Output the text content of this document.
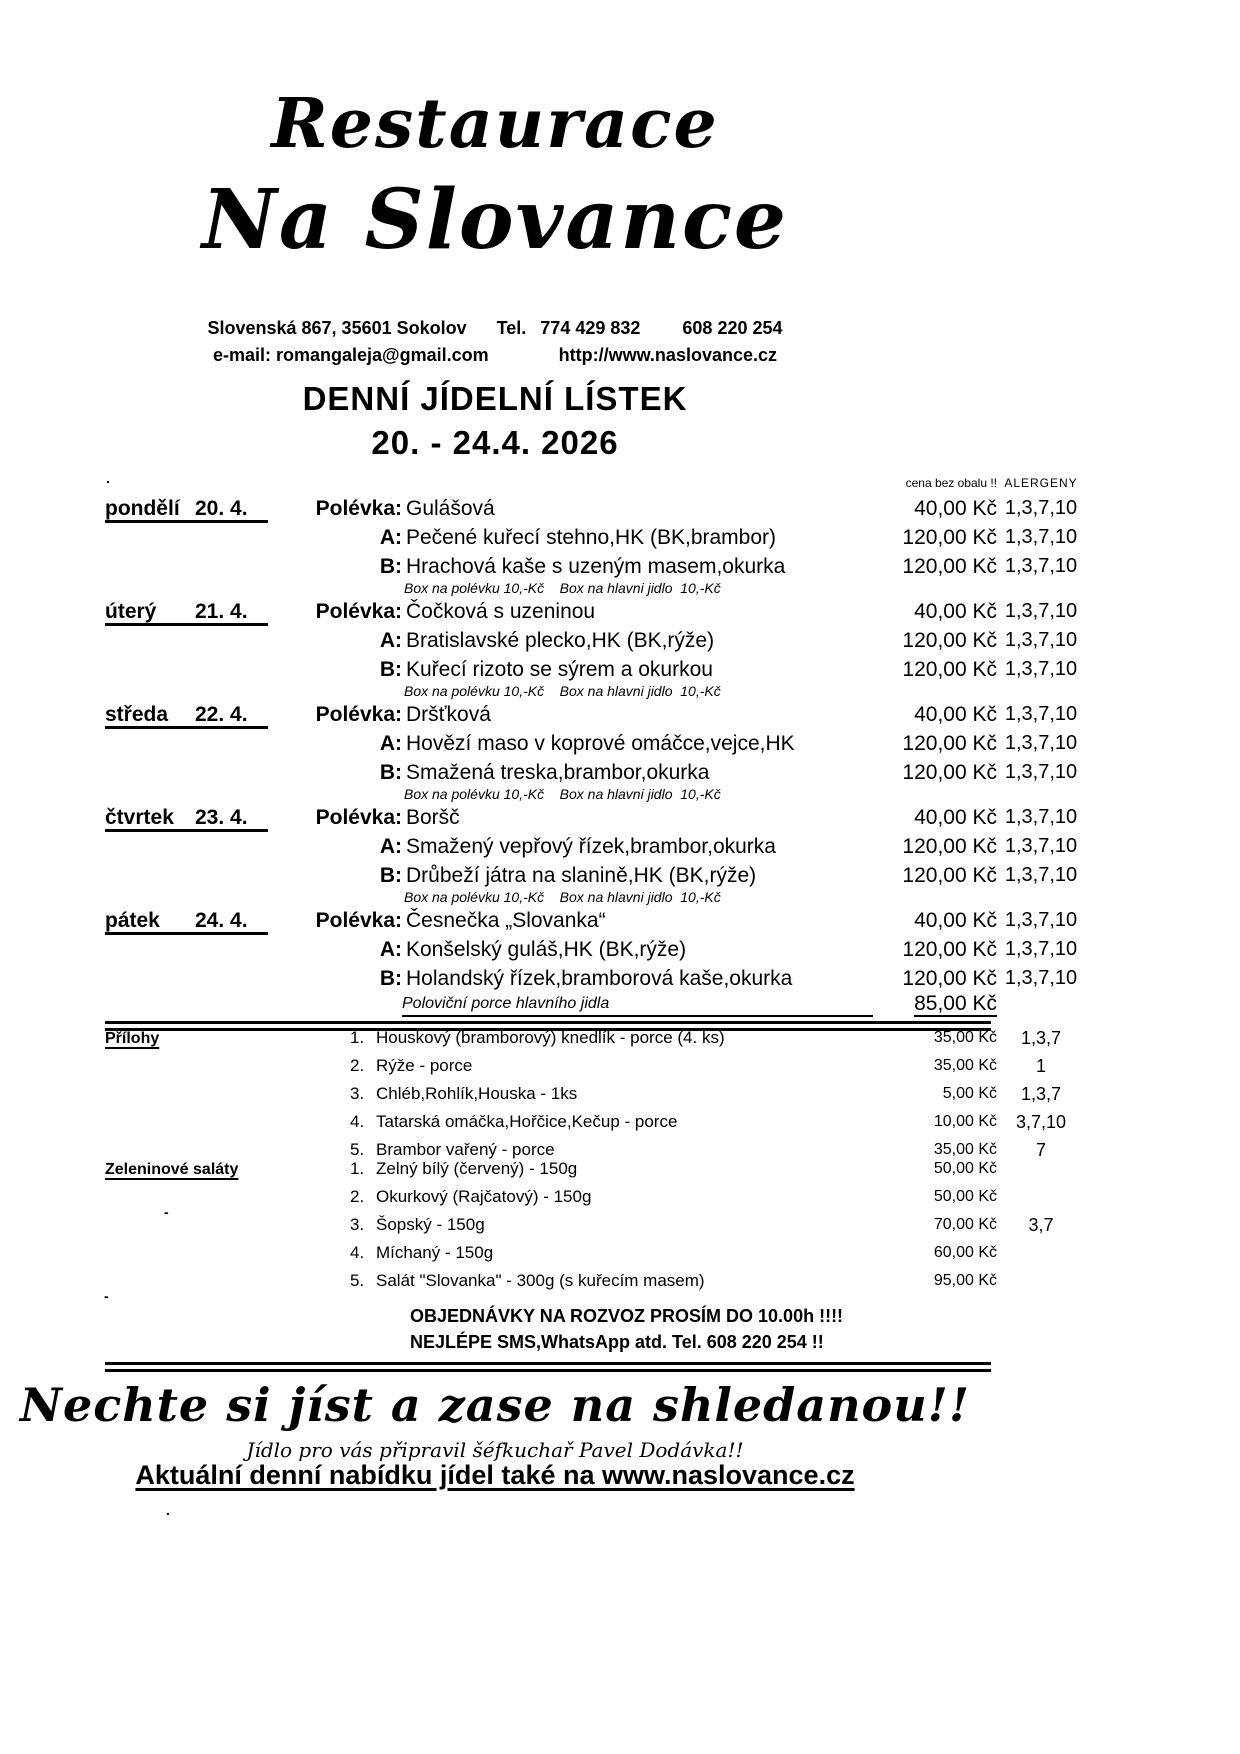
Restaurace
Na Slovance
Slovenská 867, 35601 Sokolov Tel. 774 429 832 608 220 254
e-mail: romangaleja@gmail.com	http://www.naslovance.cz
DENNÍ JÍDELNÍ LÍSTEK
20. - 24.4. 2026
.	cena bez obalu !! ALERGENY
pondělí 20. 4.	Polévka: Gulášová	40,00 Kč 1,3,7,10
A: Pečené kuřecí stehno,HK (BK,brambor)	120,00 Kč 1,3,7,10
B: Hrachová kaše s uzeným masem,okurka	120,00 Kč 1,3,7,10
Box na polévku 10,-Kč    Box na hlavni jidlo  10,-Kč
úterý	21. 4.	Polévka: Čočková s uzeninou	40,00 Kč 1,3,7,10
A: Bratislavské plecko,HK (BK,rýže)	120,00 Kč 1,3,7,10
B: Kuřecí rizoto se sýrem a okurkou	120,00 Kč 1,3,7,10
Box na polévku 10,-Kč    Box na hlavni jidlo  10,-Kč
středa	22. 4.	Polévka: Dršťková	40,00 Kč 1,3,7,10
A: Hovězí maso v koprové omáčce,vejce,HK	120,00 Kč 1,3,7,10
B: Smažená treska,brambor,okurka	120,00 Kč 1,3,7,10
Box na polévku 10,-Kč    Box na hlavni jidlo  10,-Kč
čtvrtek	23. 4.	Polévka: Boršč	40,00 Kč 1,3,7,10
A: Smažený vepřový řízek,brambor,okurka	120,00 Kč 1,3,7,10
B: Drůbeží játra na slanině,HK (BK,rýže)	120,00 Kč 1,3,7,10
Box na polévku 10,-Kč    Box na hlavni jidlo  10,-Kč
pátek	24. 4.	Polévka: Česnečka „Slovanka“	40,00 Kč 1,3,7,10
A: Konšelský guláš,HK (BK,rýže)	120,00 Kč 1,3,7,10
B: Holandský řízek,bramborová kaše,okurka	120,00 Kč 1,3,7,10
Poloviční porce hlavního jidla	85,00 Kč
Přílohy	1. Houskový (bramborový) knedlík - porce (4. ks)	35,00 Kč	1,3,7
2. Rýže - porce	35,00 Kč	1
3. Chléb,Rohlík,Houska - 1ks	5,00 Kč	1,3,7
4. Tatarská omáčka,Hořčice,Kečup - porce	10,00 Kč	3,7,10
5. Brambor vařený - porce	35,00 Kč	7
Zeleninové saláty	1. Zelný bílý (červený) - 150g	50,00 Kč
2. Okurkový (Rajčatový) - 150g	50,00 Kč
3. Šopský - 150g	70,00 Kč	3,7
4. Míchaný - 150g	60,00 Kč
5. Salát "Slovanka" - 300g (s kuřecím masem)	95,00 Kč
-
-
OBJEDNÁVKY NA ROZVOZ PROSÍM DO 10.00h !!!!
NEJLÉPE SMS,WhatsApp atd. Tel. 608 220 254 !!
Nechte si jíst a zase na shledanou!!
Jídlo pro vás připravil šéfkuchař Pavel Dodávka!!
Aktuální denní nabídku jídel také na www.naslovance.cz
.
